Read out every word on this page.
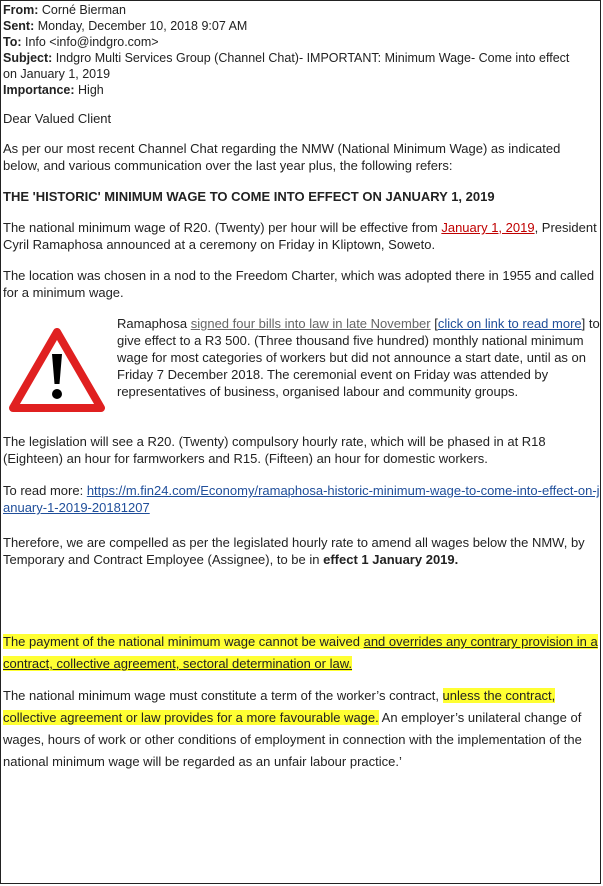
From: Corné Bierman
Sent: Monday, December 10, 2018 9:07 AM
To: Info <info@indgro.com>
Subject: Indgro Multi Services Group (Channel Chat)- IMPORTANT: Minimum Wage- Come into effect on January 1, 2019
Importance: High

Dear Valued Client

As per our most recent Channel Chat regarding the NMW (National Minimum Wage) as indicated below, and various communication over the last year plus, the following refers:

THE 'HISTORIC' MINIMUM WAGE TO COME INTO EFFECT ON JANUARY 1, 2019

The national minimum wage of R20. (Twenty) per hour will be effective from January 1, 2019, President Cyril Ramaphosa announced at a ceremony on Friday in Kliptown, Soweto.

The location was chosen in a nod to the Freedom Charter, which was adopted there in 1955 and called for a minimum wage.

Ramaphosa signed four bills into law in late November [click on link to read more] to give effect to a R3 500. (Three thousand five hundred) monthly national minimum wage for most categories of workers but did not announce a start date, until as on Friday 7 December 2018. The ceremonial event on Friday was attended by representatives of business, organised labour and community groups.

The legislation will see a R20. (Twenty) compulsory hourly rate, which will be phased in at R18 (Eighteen) an hour for farmworkers and R15. (Fifteen) an hour for domestic workers.

To read more: https://m.fin24.com/Economy/ramaphosa-historic-minimum-wage-to-come-into-effect-on-january-1-2019-20181207

Therefore, we are compelled as per the legislated hourly rate to amend all wages below the NMW, by Temporary and Contract Employee (Assignee), to be in effect 1 January 2019.

The payment of the national minimum wage cannot be waived and overrides any contrary provision in a contract, collective agreement, sectoral determination or law.

The national minimum wage must constitute a term of the worker’s contract, unless the contract, collective agreement or law provides for a more favourable wage. An employer’s unilateral change of wages, hours of work or other conditions of employment in connection with the implementation of the national minimum wage will be regarded as an unfair labour practice.’
